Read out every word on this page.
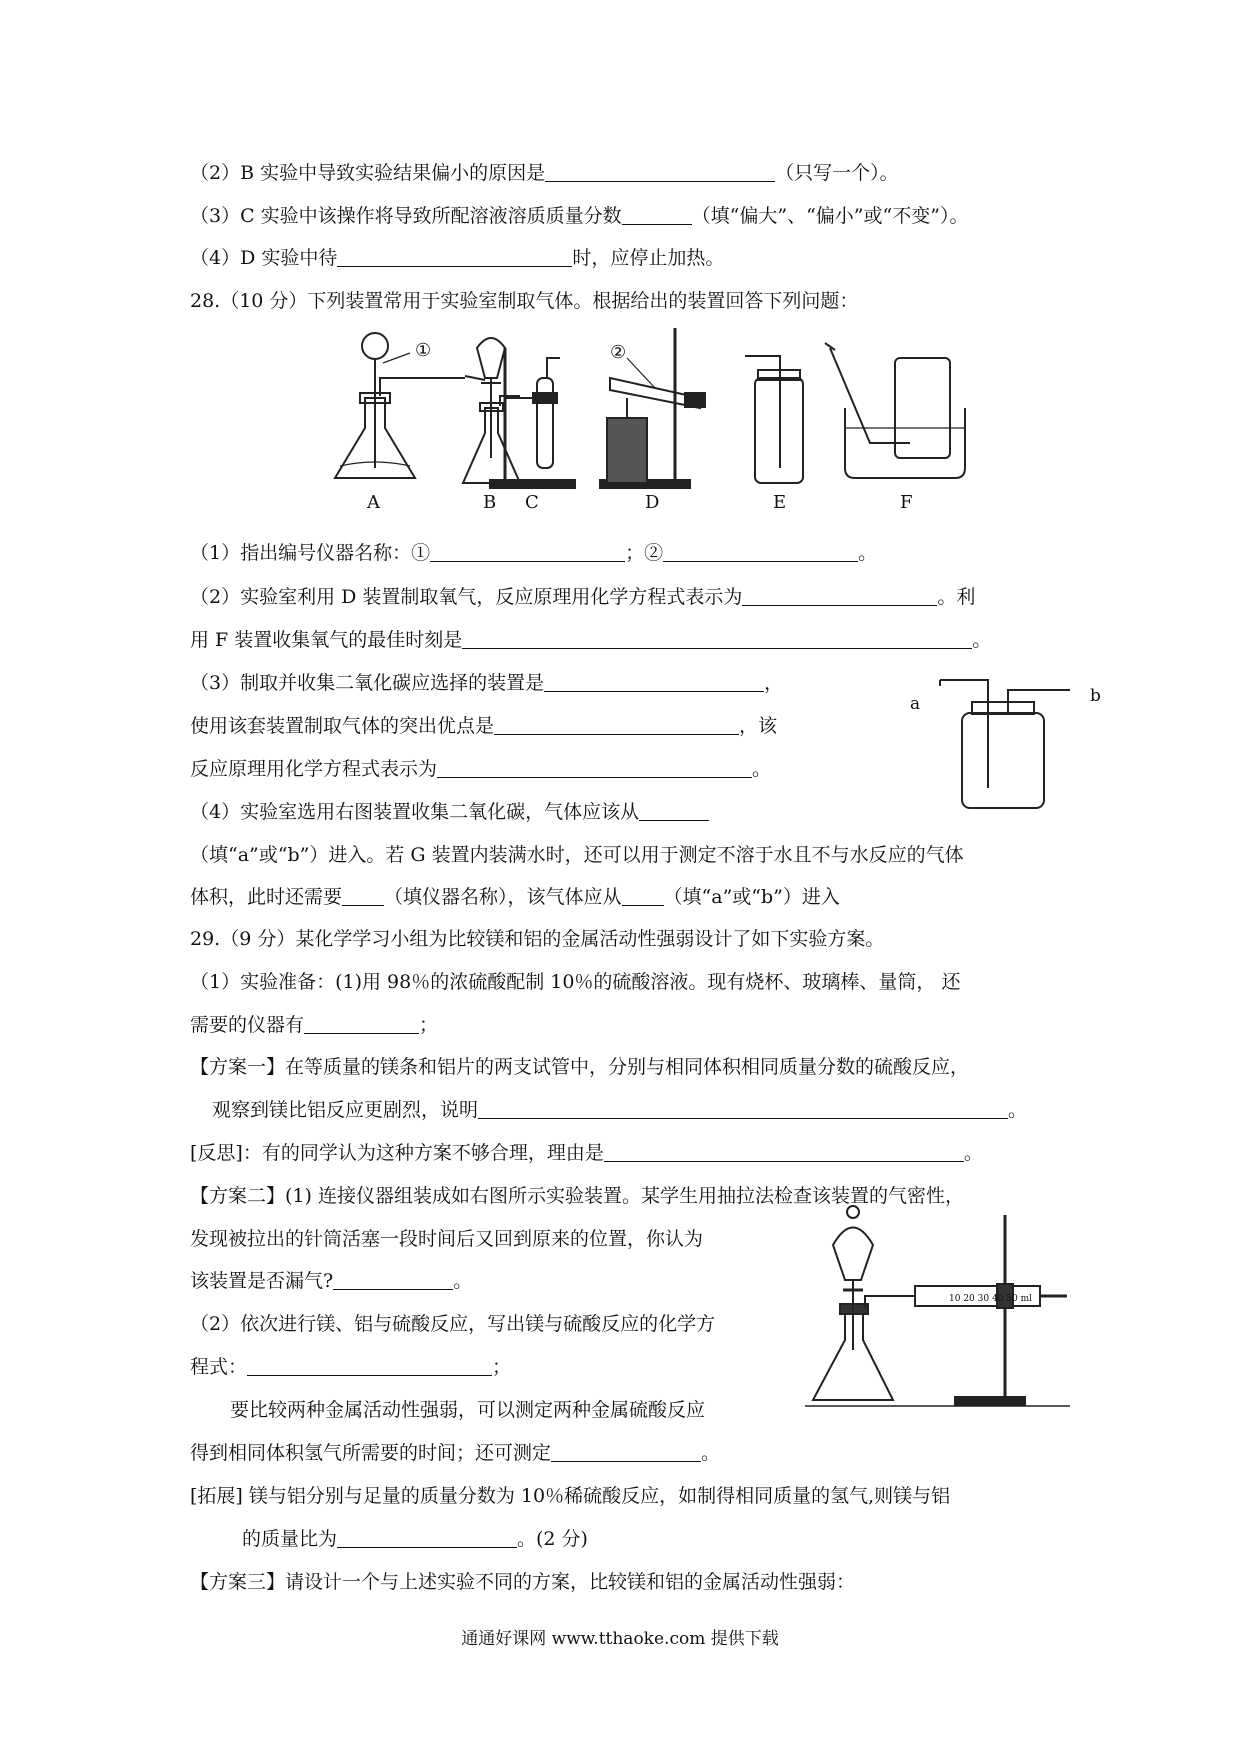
（2）B 实验中导致实验结果偏小的原因是	（只写一个）。
（3）C 实验中该操作将导致所配溶液溶质质量分数	（填“偏大”、“偏小”或“不变”）。
（4）D 实验中待	时，应停止加热。
28.（10 分）下列装置常用于实验室制取气体。根据给出的装置回答下列问题：
①	②
A	B C	D	E	F
（1）指出编号仪器名称：①	；②	。
（2）实验室利用 D 装置制取氧气，反应原理用化学方程式表示为	。利
用 F 装置收集氧气的最佳时刻是	。
（3）制取并收集二氧化碳应选择的装置是	，
使用该套装置制取气体的突出优点是	，该
反应原理用化学方程式表示为	。
（4）实验室选用右图装置收集二氧化碳，气体应该从
a	b
（填“a”或“b”）进入。若 G 装置内装满水时，还可以用于测定不溶于水且不与水反应的气体
体积，此时还需要 （填仪器名称），该气体应从 （填“a”或“b”）进入
29.（9 分）某化学学习小组为比较镁和铝的金属活动性强弱设计了如下实验方案。
（1）实验准备：(1)用 98％的浓硫酸配制 10％的硫酸溶液。现有烧杯、玻璃棒、量筒， 还
需要的仪器有	；
【方案一】在等质量的镁条和铝片的两支试管中，分别与相同体积相同质量分数的硫酸反应，
观察到镁比铝反应更剧烈，说明	。
[反思]：有的同学认为这种方案不够合理，理由是	。
【方案二】(1) 连接仪器组装成如右图所示实验装置。某学生用抽拉法检查该装置的气密性，
发现被拉出的针筒活塞一段时间后又回到原来的位置，你认为
该装置是否漏气?	。
10 20 30 40 50 ml
（2）依次进行镁、铝与硫酸反应，写出镁与硫酸反应的化学方
程式：	；
要比较两种金属活动性强弱，可以测定两种金属硫酸反应
得到相同体积氢气所需要的时间；还可测定	。
[拓展] 镁与铝分别与足量的质量分数为 10％稀硫酸反应，如制得相同质量的氢气,则镁与铝
的质量比为	。(2 分)
【方案三】请设计一个与上述实验不同的方案，比较镁和铝的金属活动性强弱：
通通好课网 www.tthaoke.com 提供下载
